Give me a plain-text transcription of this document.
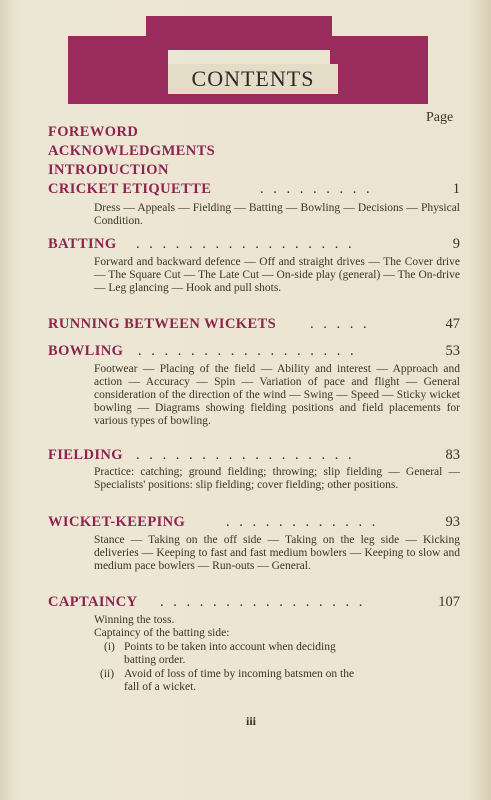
CONTENTS
Page
FOREWORD
ACKNOWLEDGMENTS
INTRODUCTION
CRICKET ETIQUETTE	. . . . . . . . .	1
Dress — Appeals — Fielding — Batting — Bowling — Decisions — Physical Condition.
BATTING . . . . . . . . . . . . . . . . .	9
Forward and backward defence — Off and straight drives — The Cover drive — The Square Cut — The Late Cut — On-side play (general) — The On-drive — Leg glancing — Hook and pull shots.
RUNNING BETWEEN WICKETS . . . . .	47
BOWLING . . . . . . . . . . . . . . . . .	53
Footwear — Placing of the field — Ability and interest — Approach and action — Accuracy — Spin — Variation of pace and flight — General consideration of the direction of the wind — Swing — Speed — Sticky wicket bowling — Diagrams showing fielding positions and field placements for various types of bowling.
FIELDING . . . . . . . . . . . . . . . . .	83
Practice: catching; ground fielding; throwing; slip fielding — General — Specialists' positions: slip fielding; cover fielding; other positions.
WICKET-KEEPING	. . . . . . . . . . . .	93
Stance — Taking on the off side — Taking on the leg side — Kicking deliveries — Keeping to fast and fast medium bowlers — Keeping to slow and medium pace bowlers — Run-outs — General.
CAPTAINCY . . . . . . . . . . . . . . . .	107
Winning the toss.
Captaincy of the batting side:
(i) Points to be taken into account when deciding
batting order.
(ii) Avoid of loss of time by incoming batsmen on the
fall of a wicket.
iii
